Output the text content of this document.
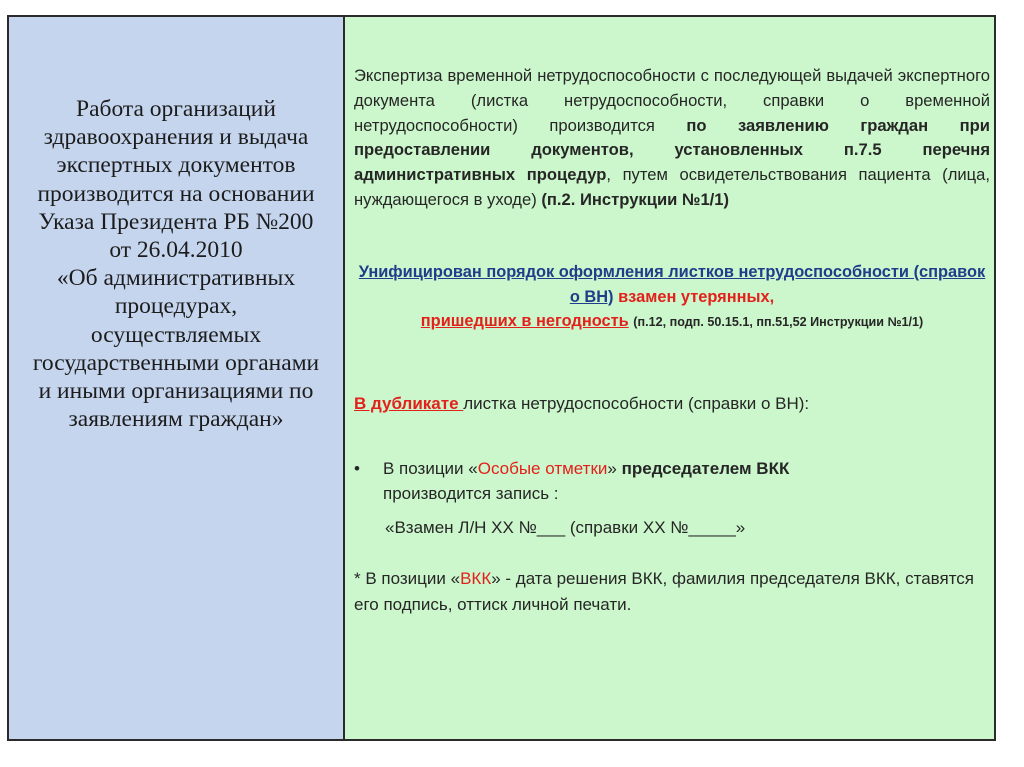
Работа организаций
здравоохранения и выдача
экспертных документов
производится на основании
Указа Президента РБ №200
от 26.04.2010
«Об административных
процедурах,
осуществляемых
государственными органами
и иными организациями по
заявлениям граждан»
Экспертиза временной нетрудоспособности с последующей выдачей экспертного документа (листка нетрудоспособности, справки о временной нетрудоспособности) производится по заявлению граждан при предоставлении документов, установленных п.7.5 перечня административных процедур, путем освидетельствования пациента (лица, нуждающегося в уходе) (п.2. Инструкции №1/1)
Унифицирован порядок оформления листков нетрудоспособности (справок о ВН) взамен утерянных,
пришедших в негодность (п.12, подп. 50.15.1, пп.51,52 Инструкции №1/1)
В дубликате листка нетрудоспособности (справки о ВН):
• В позиции «Особые отметки» председателем ВКК
производится запись :
«Взамен Л/Н ХХ №___ (справки ХХ №_____»
* В позиции «ВКК» - дата решения ВКК, фамилия председателя ВКК, ставятся его подпись, оттиск личной печати.
